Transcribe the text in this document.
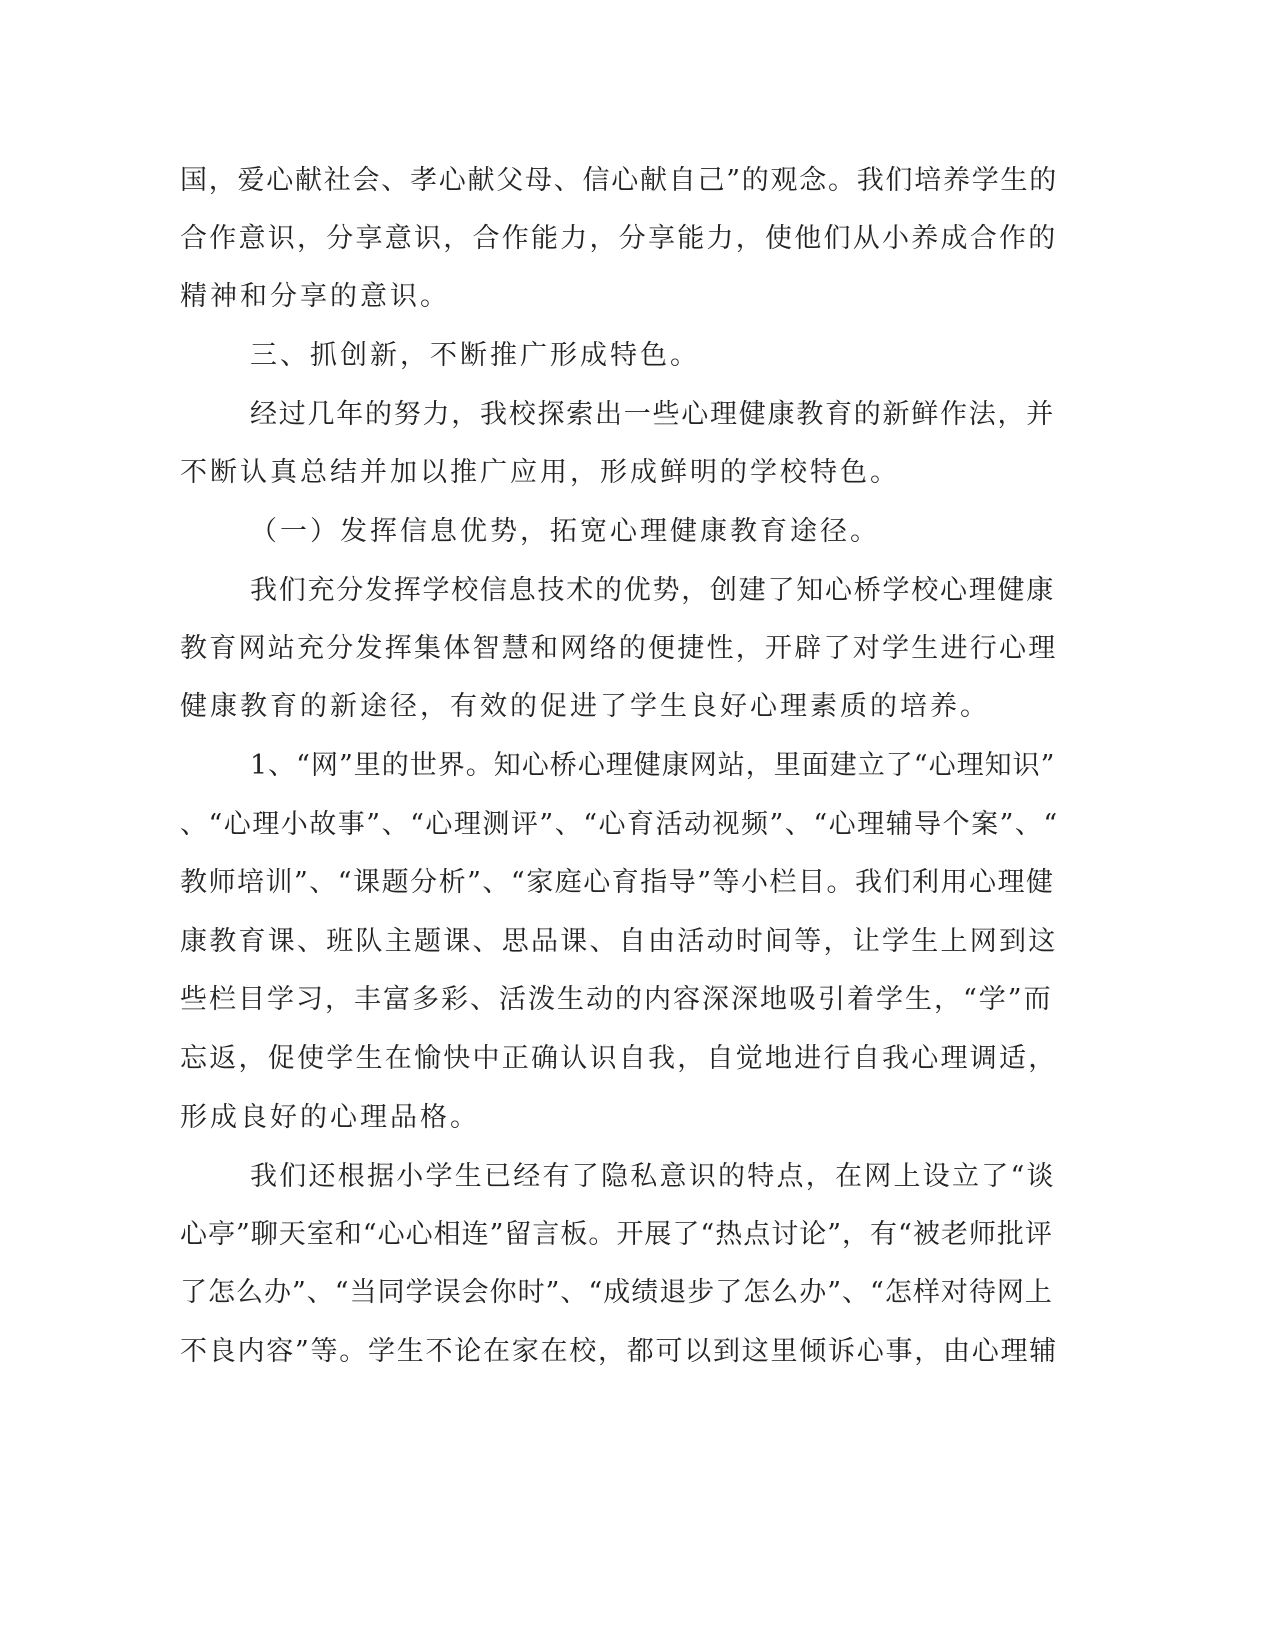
国，爱心献社会、孝心献父母、信心献自己”的观念。我们培养学生的

合作意识，分享意识，合作能力，分享能力，使他们从小养成合作的

精神和分享的意识。

三、抓创新，不断推广形成特色。

经过几年的努力，我校探索出一些心理健康教育的新鲜作法，并

不断认真总结并加以推广应用，形成鲜明的学校特色。

（一）发挥信息优势，拓宽心理健康教育途径。

我们充分发挥学校信息技术的优势，创建了知心桥学校心理健康

教育网站充分发挥集体智慧和网络的便捷性，开辟了对学生进行心理

健康教育的新途径，有效的促进了学生良好心理素质的培养。

1、“网”里的世界。知心桥心理健康网站，里面建立了“心理知识”

、“心理小故事”、“心理测评”、“心育活动视频”、“心理辅导个案”、“

教师培训”、“课题分析”、“家庭心育指导”等小栏目。我们利用心理健

康教育课、班队主题课、思品课、自由活动时间等，让学生上网到这

些栏目学习，丰富多彩、活泼生动的内容深深地吸引着学生，“学”而

忘返，促使学生在愉快中正确认识自我，自觉地进行自我心理调适，

形成良好的心理品格。

我们还根据小学生已经有了隐私意识的特点，在网上设立了“谈

心亭”聊天室和“心心相连”留言板。开展了“热点讨论”，有“被老师批评

了怎么办”、“当同学误会你时”、“成绩退步了怎么办”、“怎样对待网上

不良内容”等。学生不论在家在校，都可以到这里倾诉心事，由心理辅
